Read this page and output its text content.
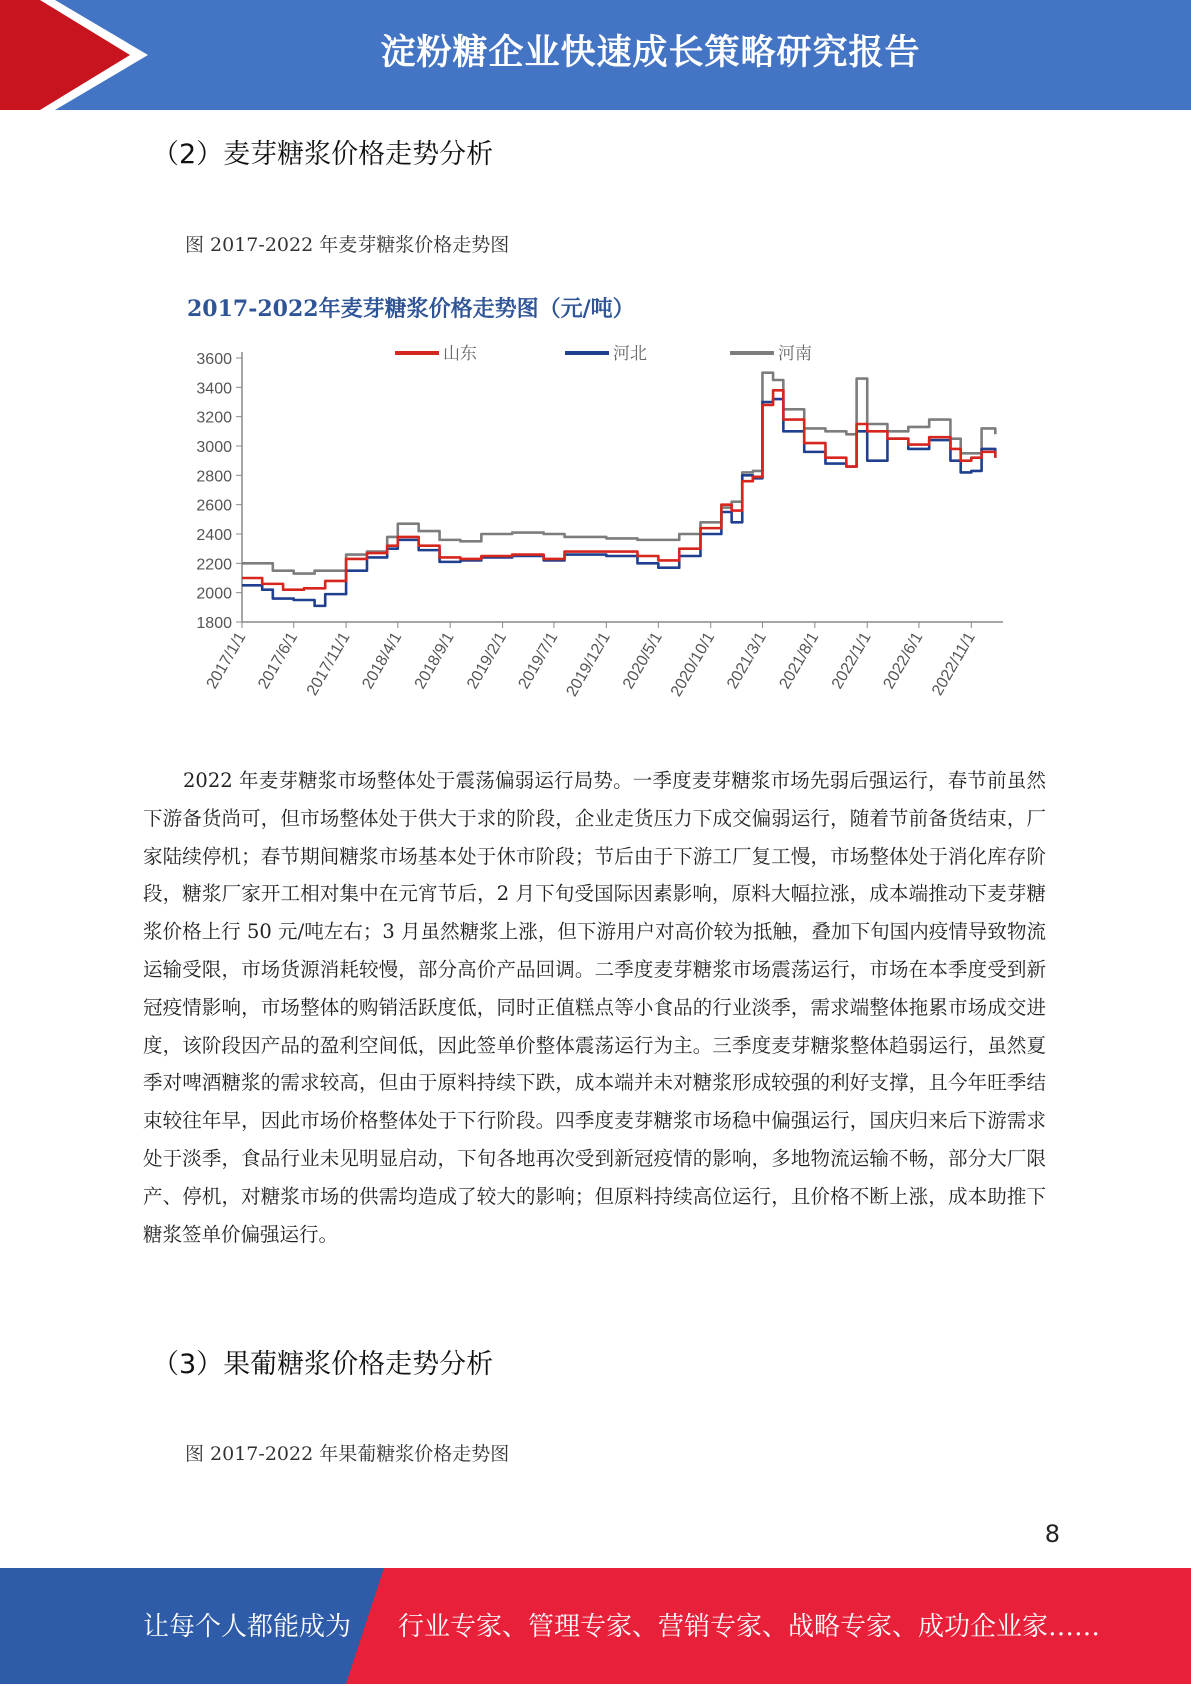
淀粉糖企业快速成长策略研究报告
（2）麦芽糖浆价格走势分析
图 2017-2022 年麦芽糖浆价格走势图
2017-2022年麦芽糖浆价格走势图（元/吨）
山东	河北	河南
1800
2000
2200
2400
2600
2800
3000
3200
3400
3600
2017/1/1 2017/6/1 2017/11/1 2018/4/1 2018/9/1 2019/2/1 2019/7/1 2019/12/1 2020/5/1 2020/10/1 2021/3/1 2021/8/1 2022/1/1 2022/6/1 2022/11/1
2022 年麦芽糖浆市场整体处于震荡偏弱运行局势。一季度麦芽糖浆市场先弱后强运行，春节前虽然下游备货尚可，但市场整体处于供大于求的阶段，企业走货压力下成交偏弱运行，随着节前备货结束，厂家陆续停机；春节期间糖浆市场基本处于休市阶段；节后由于下游工厂复工慢，市场整体处于消化库存阶段，糖浆厂家开工相对集中在元宵节后，2 月下旬受国际因素影响，原料大幅拉涨，成本端推动下麦芽糖浆价格上行 50 元/吨左右；3 月虽然糖浆上涨，但下游用户对高价较为抵触，叠加下旬国内疫情导致物流运输受限，市场货源消耗较慢，部分高价产品回调。二季度麦芽糖浆市场震荡运行，市场在本季度受到新冠疫情影响，市场整体的购销活跃度低，同时正值糕点等小食品的行业淡季，需求端整体拖累市场成交进度，该阶段因产品的盈利空间低，因此签单价整体震荡运行为主。三季度麦芽糖浆整体趋弱运行，虽然夏季对啤酒糖浆的需求较高，但由于原料持续下跌，成本端并未对糖浆形成较强的利好支撑，且今年旺季结束较往年早，因此市场价格整体处于下行阶段。四季度麦芽糖浆市场稳中偏强运行，国庆归来后下游需求处于淡季，食品行业未见明显启动，下旬各地再次受到新冠疫情的影响，多地物流运输不畅，部分大厂限产、停机，对糖浆市场的供需均造成了较大的影响；但原料持续高位运行，且价格不断上涨，成本助推下糖浆签单价偏强运行。
（3）果葡糖浆价格走势分析
图 2017-2022 年果葡糖浆价格走势图
8
让每个人都能成为 行业专家、管理专家、营销专家、战略专家、成功企业家……
